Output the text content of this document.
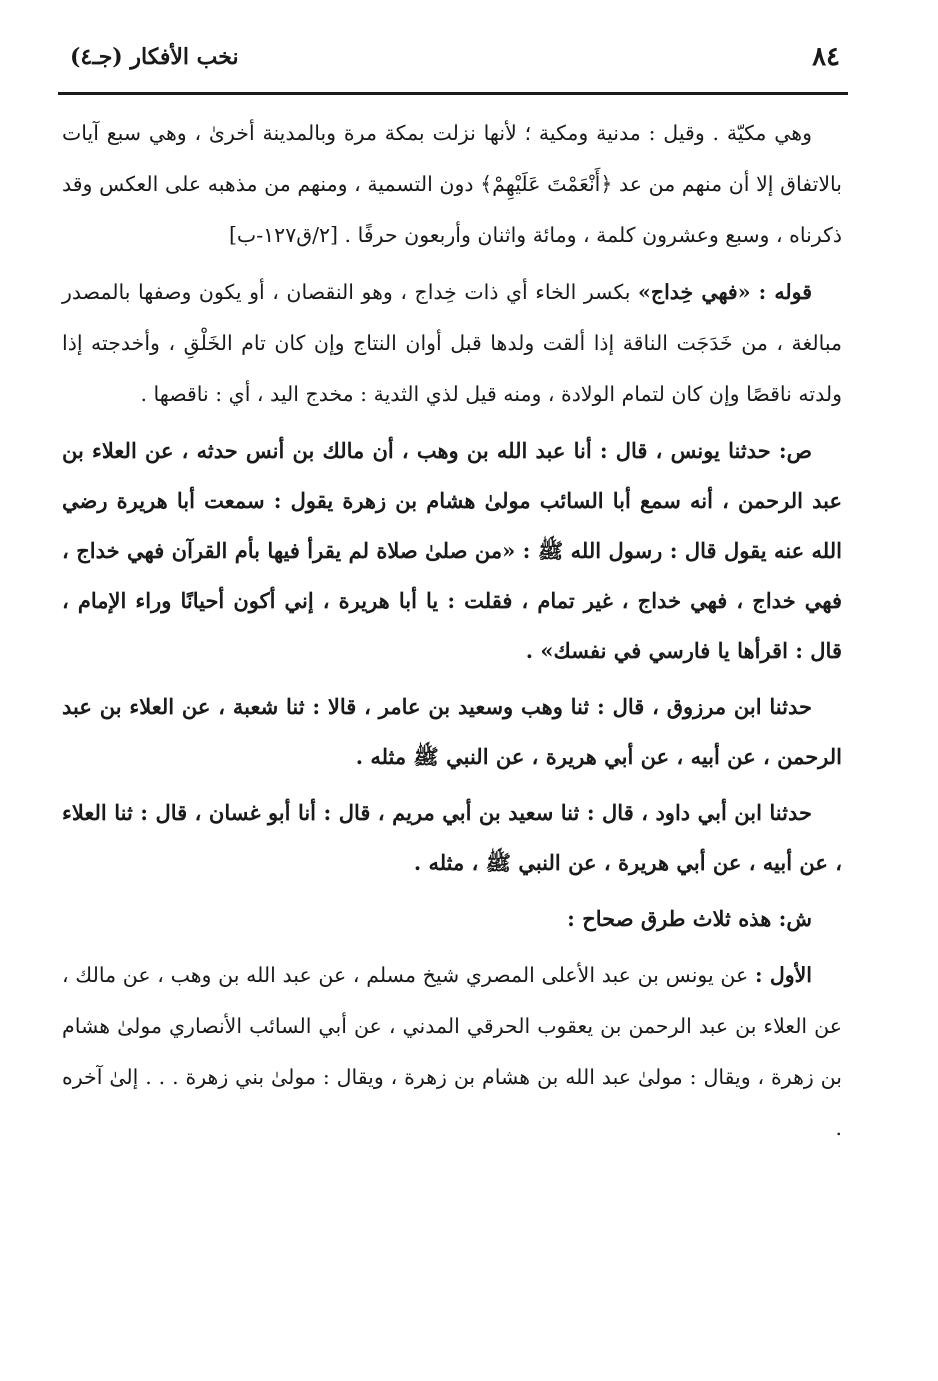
٨٤
نخب الأفكار (جـ٤)

وهي مكيّة . وقيل : مدنية ومكية ؛ لأنها نزلت بمكة مرة وبالمدينة أخرىٰ ، وهي سبع آيات بالاتفاق إلا أن منهم من عد ﴿أَنْعَمْتَ عَلَيْهِمْ﴾ دون التسمية ، ومنهم من مذهبه على العكس وقد ذكرناه ، وسبع وعشرون كلمة ، ومائة واثنان وأربعون حرفًا . [٢/ق١٢٧-ب]

قوله : «فهي خِداج» بكسر الخاء أي ذات خِداج ، وهو النقصان ، أو يكون وصفها بالمصدر مبالغة ، من خَدَجَت الناقة إذا ألقت ولدها قبل أوان النتاج وإن كان تام الخَلْقِ ، وأخدجته إذا ولدته ناقصًا وإن كان لتمام الولادة ، ومنه قيل لذي الثدية : مخدج اليد ، أي : ناقصها .

ص: حدثنا يونس ، قال : أنا عبد الله بن وهب ، أن مالك بن أنس حدثه ، عن العلاء بن عبد الرحمن ، أنه سمع أبا السائب مولىٰ هشام بن زهرة يقول : سمعت أبا هريرة رضي الله عنه يقول قال : رسول الله ﷺ : «من صلىٰ صلاة لم يقرأ فيها بأم القرآن فهي خداج ، فهي خداج ، فهي خداج ، غير تمام ، فقلت : يا أبا هريرة ، إني أكون أحيانًا وراء الإمام ، قال : اقرأها يا فارسي في نفسك» .

حدثنا ابن مرزوق ، قال : ثنا وهب وسعيد بن عامر ، قالا : ثنا شعبة ، عن العلاء بن عبد الرحمن ، عن أبيه ، عن أبي هريرة ، عن النبي ﷺ مثله .

حدثنا ابن أبي داود ، قال : ثنا سعيد بن أبي مريم ، قال : أنا أبو غسان ، قال : ثنا العلاء ، عن أبيه ، عن أبي هريرة ، عن النبي ﷺ ، مثله .

ش: هذه ثلاث طرق صحاح :

الأول : عن يونس بن عبد الأعلى المصري شيخ مسلم ، عن عبد الله بن وهب ، عن مالك ، عن العلاء بن عبد الرحمن بن يعقوب الحرقي المدني ، عن أبي السائب الأنصاري مولىٰ هشام بن زهرة ، ويقال : مولىٰ عبد الله بن هشام بن زهرة ، ويقال : مولىٰ بني زهرة . . . إلىٰ آخره .
